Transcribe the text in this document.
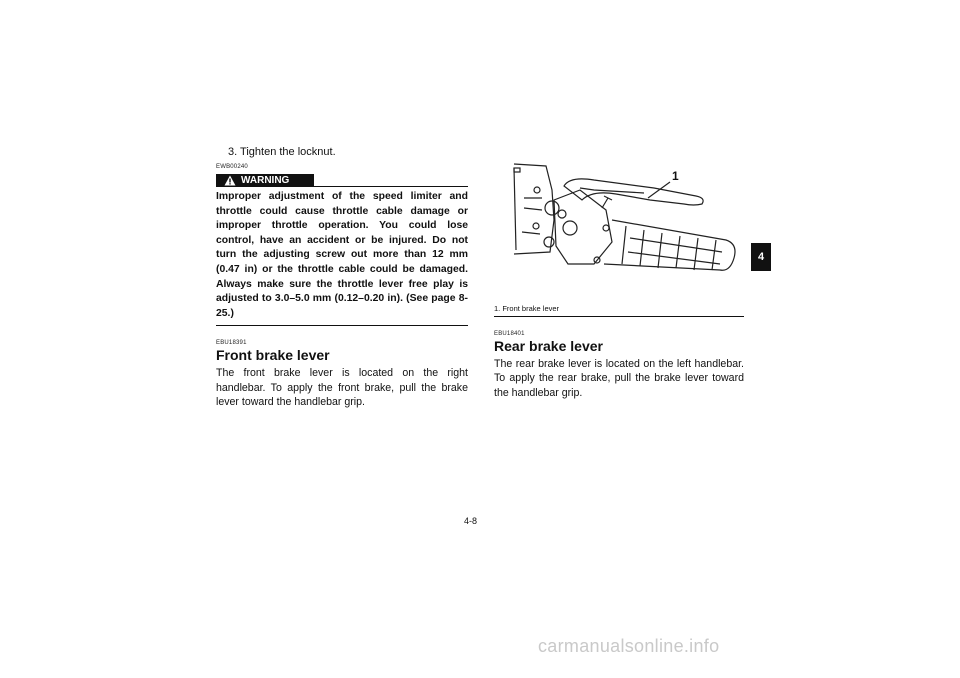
3. Tighten the locknut.

EWB00240
WARNING
Improper adjustment of the speed limiter and throttle could cause throttle cable damage or improper throttle operation. You could lose control, have an accident or be injured. Do not turn the adjusting screw out more than 12 mm (0.47 in) or the throttle cable could be damaged. Always make sure the throttle lever free play is adjusted to 3.0–5.0 mm (0.12–0.20 in). (See page 8-25.)
EBU18391
Front brake lever

The front brake lever is located on the right handlebar. To apply the front brake, pull the brake lever toward the handlebar grip.

1
1. Front brake lever
EBU18401
Rear brake lever

The rear brake lever is located on the left handlebar. To apply the rear brake, pull the brake lever toward the handlebar grip.

4
4-8
carmanualsonline.info
